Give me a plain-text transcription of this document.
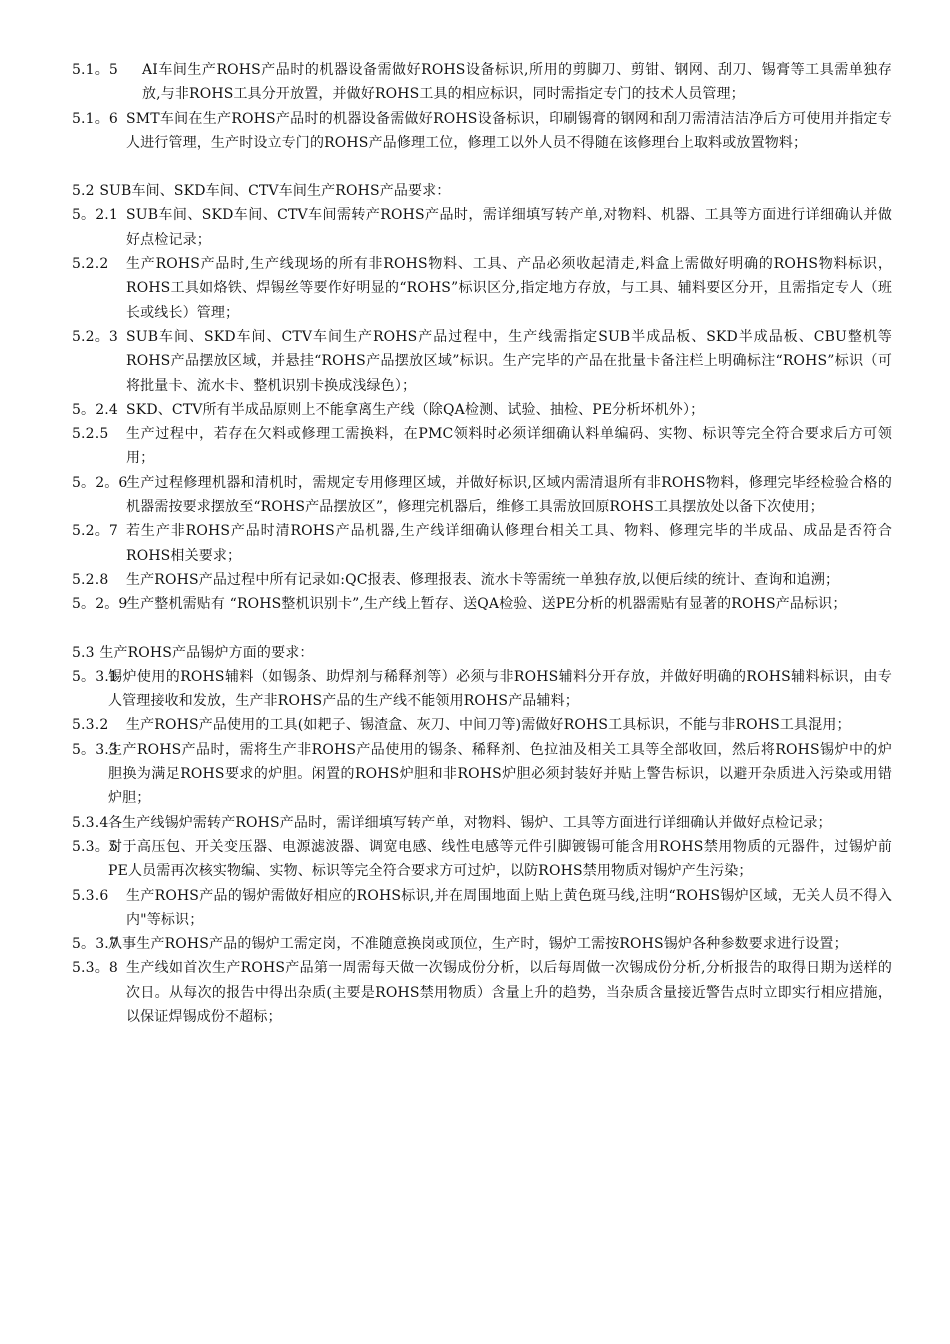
5.1。5	AI车间生产ROHS产品时的机器设备需做好ROHS设备标识,所用的剪脚刀、剪钳、钢网、刮刀、锡膏等工具需单独存放,与非ROHS工具分开放置，并做好ROHS工具的相应标识，同时需指定专门的技术人员管理；
5.1。6 SMT车间在生产ROHS产品时的机器设备需做好ROHS设备标识，印刷锡膏的钢网和刮刀需清洁洁净后方可使用并指定专人进行管理，生产时设立专门的ROHS产品修理工位，修理工以外人员不得随在该修理台上取料或放置物料；
5.2 SUB车间、SKD车间、CTV车间生产ROHS产品要求：
5。2.1 SUB车间、SKD车间、CTV车间需转产ROHS产品时，需详细填写转产单,对物料、机器、工具等方面进行详细确认并做好点检记录；
5.2.2	生产ROHS产品时,生产线现场的所有非ROHS物料、工具、产品必须收起清走,料盒上需做好明确的ROHS物料标识，ROHS工具如烙铁、焊锡丝等要作好明显的“ROHS”标识区分,指定地方存放，与工具、辅料要区分开，且需指定专人（班长或线长）管理；
5.2。3 SUB车间、SKD车间、CTV车间生产ROHS产品过程中，生产线需指定SUB半成品板、SKD半成品板、CBU整机等ROHS产品摆放区域，并悬挂“ROHS产品摆放区域”标识。生产完毕的产品在批量卡备注栏上明确标注“ROHS”标识（可将批量卡、流水卡、整机识别卡换成浅绿色）；
5。2.4 SKD、CTV所有半成品原则上不能拿离生产线（除QA检测、试验、抽检、PE分析坏机外）；
5.2.5	生产过程中，若存在欠料或修理工需换料，在PMC领料时必须详细确认料单编码、实物、标识等完全符合要求后方可领用；
5。2。6
生产过程修理机器和清机时，需规定专用修理区域，并做好标识,区域内需清退所有非ROHS物料，修理完毕经检验合格的机器需按要求摆放至“ROHS产品摆放区”，修理完机器后，维修工具需放回原ROHS工具摆放处以备下次使用；
5.2。7 若生产非ROHS产品时清ROHS产品机器,生产线详细确认修理台相关工具、物料、修理完毕的半成品、成品是否符合ROHS相关要求；
5.2.8	生产ROHS产品过程中所有记录如:QC报表、修理报表、流水卡等需统一单独存放,以便后续的统计、查询和追溯；
5。2。9
生产整机需贴有 “ROHS整机识别卡”,生产线上暂存、送QA检验、送PE分析的机器需贴有显著的ROHS产品标识；
5.3 生产ROHS产品锡炉方面的要求：
5。3.1
锡炉使用的ROHS辅料（如锡条、助焊剂与稀释剂等）必须与非ROHS辅料分开存放，并做好明确的ROHS辅料标识，由专人管理接收和发放，生产非ROHS产品的生产线不能领用ROHS产品辅料；
5.3.2	生产ROHS产品使用的工具(如耙子、锡渣盒、灰刀、中间刀等)需做好ROHS工具标识，不能与非ROHS工具混用；
5。3.3
生产ROHS产品时，需将生产非ROHS产品使用的锡条、稀释剂、色拉油及相关工具等全部收回，然后将ROHS锡炉中的炉胆换为满足ROHS要求的炉胆。闲置的ROHS炉胆和非ROHS炉胆必须封装好并贴上警告标识，以避开杂质进入污染或用错炉胆；
5.3.4 各生产线锡炉需转产ROHS产品时，需详细填写转产单，对物料、锡炉、工具等方面进行详细确认并做好点检记录；
5.3。5
对于高压包、开关变压器、电源滤波器、调宽电感、线性电感等元件引脚镀锡可能含用ROHS禁用物质的元器件，过锡炉前PE人员需再次核实物编、实物、标识等完全符合要求方可过炉，以防ROHS禁用物质对锡炉产生污染；
5.3.6	生产ROHS产品的锡炉需做好相应的ROHS标识,并在周围地面上贴上黄色斑马线,注明“ROHS锡炉区域，无关人员不得入内"等标识；
5。3.7
从事生产ROHS产品的锡炉工需定岗，不准随意换岗或顶位，生产时，锡炉工需按ROHS锡炉各种参数要求进行设置；
5.3。8 生产线如首次生产ROHS产品第一周需每天做一次锡成份分析，以后每周做一次锡成份分析,分析报告的取得日期为送样的次日。从每次的报告中得出杂质(主要是ROHS禁用物质）含量上升的趋势，当杂质含量接近警告点时立即实行相应措施，以保证焊锡成份不超标；
